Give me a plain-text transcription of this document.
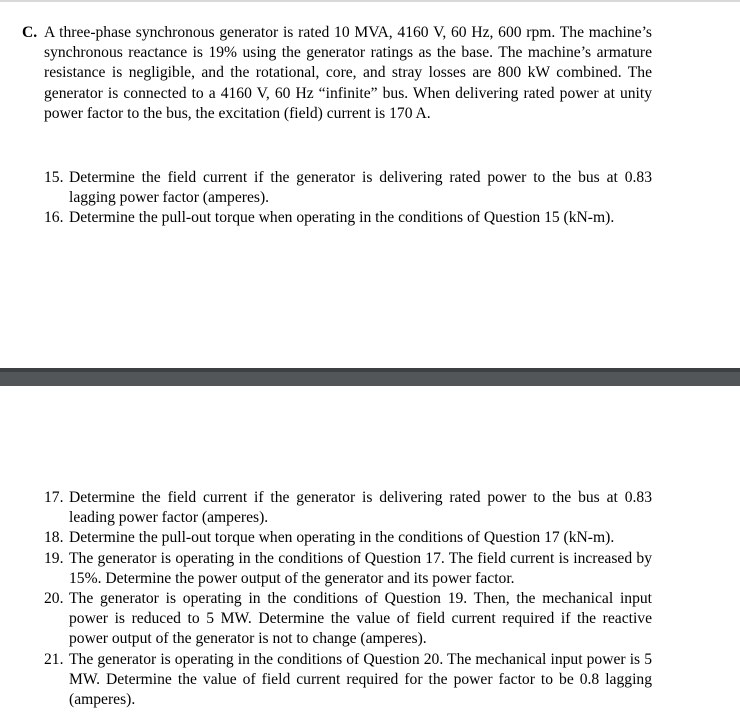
C. A three-phase synchronous generator is rated 10 MVA, 4160 V, 60 Hz, 600 rpm. The machine’s synchronous reactance is 19% using the generator ratings as the base. The machine’s armature resistance is negligible, and the rotational, core, and stray losses are 800 kW combined. The generator is connected to a 4160 V, 60 Hz “infinite” bus. When delivering rated power at unity power factor to the bus, the excitation (field) current is 170 A.
15. Determine the field current if the generator is delivering rated power to the bus at 0.83 lagging power factor (amperes).
16. Determine the pull-out torque when operating in the conditions of Question 15 (kN-m).
17. Determine the field current if the generator is delivering rated power to the bus at 0.83 leading power factor (amperes).
18. Determine the pull-out torque when operating in the conditions of Question 17 (kN-m).
19. The generator is operating in the conditions of Question 17. The field current is increased by 15%. Determine the power output of the generator and its power factor.
20. The generator is operating in the conditions of Question 19. Then, the mechanical input power is reduced to 5 MW. Determine the value of field current required if the reactive power output of the generator is not to change (amperes).
21. The generator is operating in the conditions of Question 20. The mechanical input power is 5 MW. Determine the value of field current required for the power factor to be 0.8 lagging (amperes).
